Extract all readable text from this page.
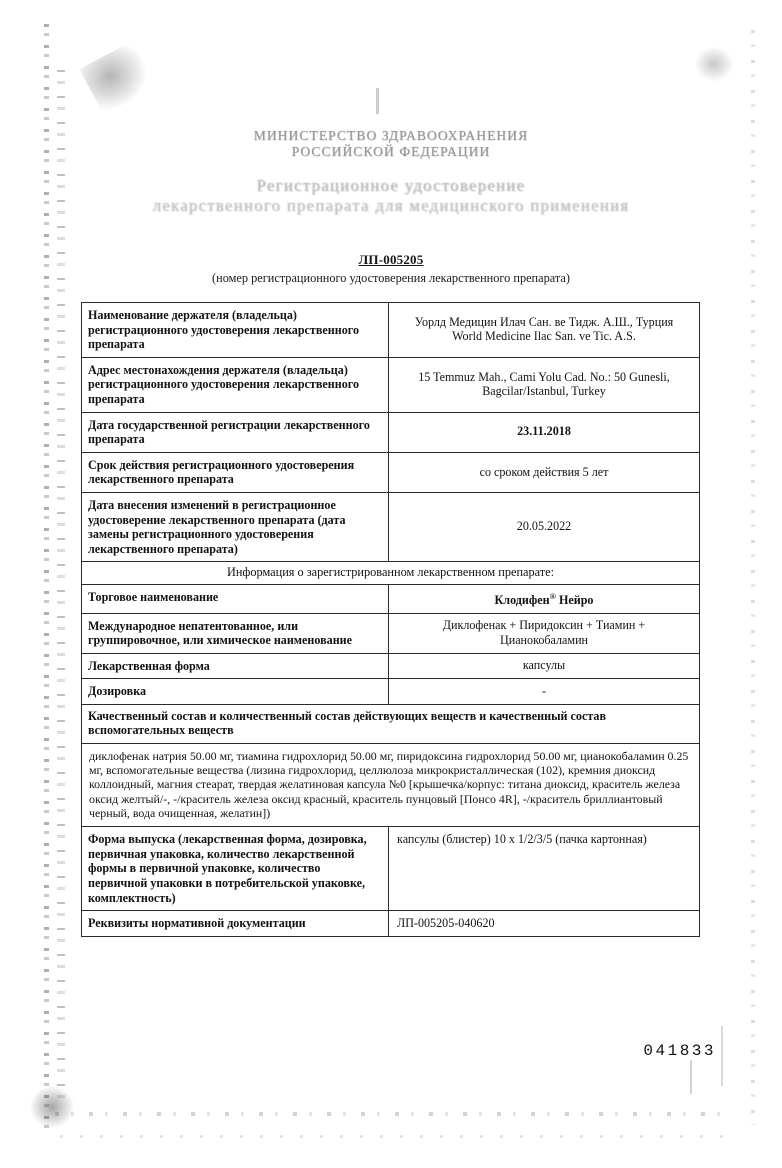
МИНИСТЕРСТВО ЗДРАВООХРАНЕНИЯ
РОССИЙСКОЙ ФЕДЕРАЦИИ
Регистрационное удостоверение
лекарственного препарата для медицинского применения
ЛП-005205
(номер регистрационного удостоверения лекарственного препарата)
Наименование держателя (владельца) регистрационного удостоверения лекарственного препарата	Уорлд Медицин Илач Сан. ве Тидж. А.Ш., Турция
World Medicine Ilac San. ve Tic. A.S.

Адрес местонахождения держателя (владельца) регистрационного удостоверения лекарственного препарата	15 Temmuz Mah., Cami Yolu Cad. No.: 50 Gunesli,
Bagcilar/Istanbul, Turkey

Дата государственной регистрации лекарственного препарата	23.11.2018

Срок действия регистрационного удостоверения лекарственного препарата	со сроком действия 5 лет
Дата внесения изменений в регистрационное удостоверение лекарственного препарата (дата замены регистрационного удостоверения лекарственного препарата)	20.05.2022
Информация о зарегистрированном лекарственном препарате:	
Торговое наименование	Клодифен® Нейро
Международное непатентованное, или группировочное, или химическое наименование	Диклофенак + Пиридоксин + Тиамин +
Цианокобаламин

Лекарственная форма	капсулы
Дозировка	-
Качественный состав и количественный состав действующих веществ и качественный состав вспомогательных веществ	
диклофенак натрия 50.00 мг, тиамина гидрохлорид 50.00 мг, пиридоксина гидрохлорид 50.00 мг, цианокобаламин 0.25 мг, вспомогательные вещества (лизина гидрохлорид, целлюлоза микрокристаллическая (102), кремния диоксид коллоидный, магния стеарат, твердая желатиновая капсула №0 [крышечка/корпус: титана диоксид, краситель железа оксид желтый/-, -/краситель железа оксид красный, краситель пунцовый [Понсо 4R], -/краситель бриллиантовый черный, вода очищенная, желатин])	
Форма выпуска (лекарственная форма, дозировка, первичная упаковка, количество лекарственной формы в первичной упаковке, количество первичной упаковки в потребительской упаковке, комплектность)	капсулы (блистер) 10 х 1/2/3/5 (пачка картонная)
Реквизиты нормативной документации	ЛП-005205-040620
041833
